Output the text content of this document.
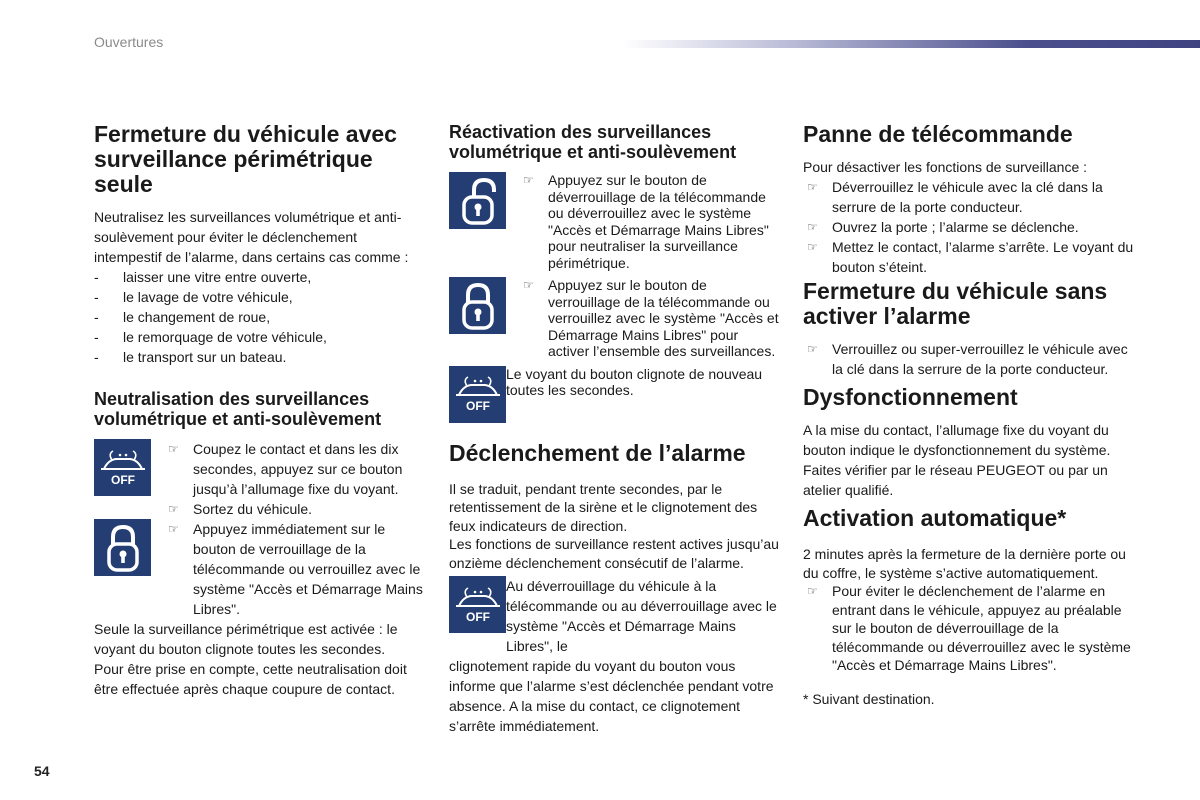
Ouvertures
54
Fermeture du véhicule avec surveillance périmétrique seule

Neutralisez les surveillances volumétrique et anti-soulèvement pour éviter le déclenchement intempestif de l’alarme, dans certains cas comme :

- laisser une vitre entre ouverte,
- le lavage de votre véhicule,
- le changement de roue,
- le remorquage de votre véhicule,
- le transport sur un bateau.
Neutralisation des surveillances volumétrique et anti-soulèvement
OFF
☞ Coupez le contact et dans les dix secondes, appuyez sur ce bouton jusqu’à l’allumage fixe du voyant.
☞ Sortez du véhicule.
☞ Appuyez immédiatement sur le bouton de verrouillage de la télécommande ou verrouillez avec le système "Accès et Démarrage Mains Libres".

Seule la surveillance périmétrique est activée : le voyant du bouton clignote toutes les secondes.

Pour être prise en compte, cette neutralisation doit être effectuée après chaque coupure de contact.

Réactivation des surveillances volumétrique et anti-soulèvement
☞ Appuyez sur le bouton de déverrouillage de la télécommande ou déverrouillez avec le système "Accès et Démarrage Mains Libres" pour neutraliser la surveillance périmétrique.
☞ Appuyez sur le bouton de verrouillage de la télécommande ou verrouillez avec le système "Accès et Démarrage Mains Libres" pour activer l’ensemble des surveillances.
OFF

Le voyant du bouton clignote de nouveau toutes les secondes.

Déclenchement de l’alarme

Il se traduit, pendant trente secondes, par le retentissement de la sirène et le clignotement des feux indicateurs de direction.

Les fonctions de surveillance restent actives jusqu’au onzième déclenchement consécutif de l’alarme.

OFF

Au déverrouillage du véhicule à la télécommande ou au déverrouillage avec le système "Accès et Démarrage Mains Libres", le

clignotement rapide du voyant du bouton vous informe que l’alarme s’est déclenchée pendant votre absence. A la mise du contact, ce clignotement s’arrête immédiatement.

Panne de télécommande

Pour désactiver les fonctions de surveillance :

☞ Déverrouillez le véhicule avec la clé dans la serrure de la porte conducteur.
☞ Ouvrez la porte ; l’alarme se déclenche.
☞ Mettez le contact, l’alarme s’arrête. Le voyant du bouton s’éteint.
Fermeture du véhicule sans activer l’alarme
☞ Verrouillez ou super-verrouillez le véhicule avec la clé dans la serrure de la porte conducteur.
Dysfonctionnement

A la mise du contact, l’allumage fixe du voyant du bouton indique le dysfonctionnement du système.

Faites vérifier par le réseau PEUGEOT ou par un atelier qualifié.

Activation automatique*

2 minutes après la fermeture de la dernière porte ou du coffre, le système s’active automatiquement.

☞ Pour éviter le déclenchement de l’alarme en entrant dans le véhicule, appuyez au préalable sur le bouton de déverrouillage de la télécommande ou déverrouillez avec le système "Accès et Démarrage Mains Libres".

* Suivant destination.
